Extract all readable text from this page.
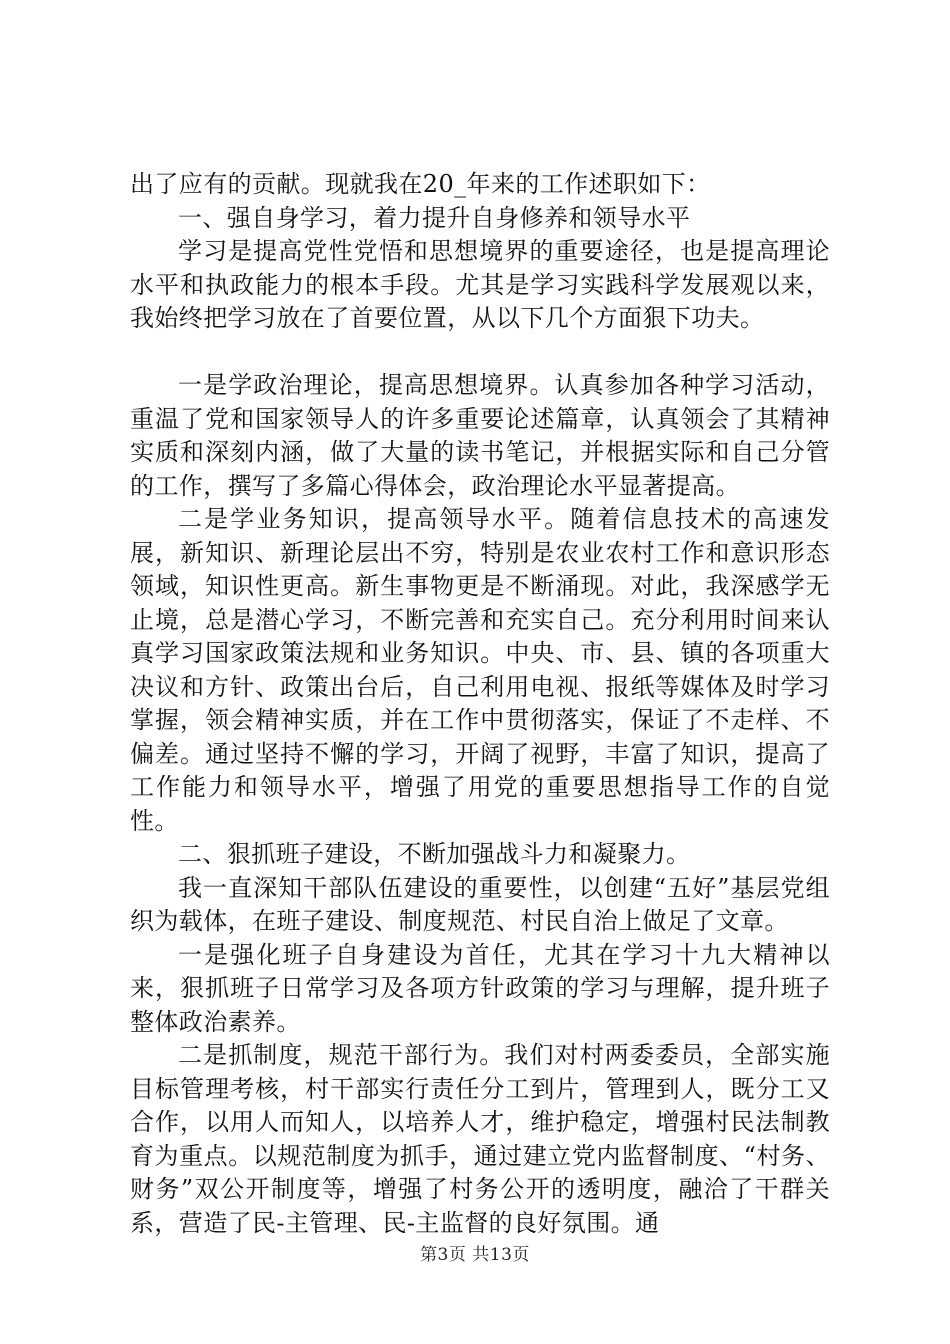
出了应有的贡献。现就我在20_年来的工作述职如下：

一、强自身学习，着力提升自身修养和领导水平

学习是提高党性党悟和思想境界的重要途径，也是提高理论水平和执政能力的根本手段。尤其是学习实践科学发展观以来，我始终把学习放在了首要位置，从以下几个方面狠下功夫。

一是学政治理论，提高思想境界。认真参加各种学习活动，重温了党和国家领导人的许多重要论述篇章，认真领会了其精神实质和深刻内涵，做了大量的读书笔记，并根据实际和自己分管的工作，撰写了多篇心得体会，政治理论水平显著提高。

二是学业务知识，提高领导水平。随着信息技术的高速发展，新知识、新理论层出不穷，特别是农业农村工作和意识形态领域，知识性更高。新生事物更是不断涌现。对此，我深感学无止境，总是潜心学习，不断完善和充实自己。充分利用时间来认真学习国家政策法规和业务知识。中央、市、县、镇的各项重大决议和方针、政策出台后，自己利用电视、报纸等媒体及时学习掌握，领会精神实质，并在工作中贯彻落实，保证了不走样、不偏差。通过坚持不懈的学习，开阔了视野，丰富了知识，提高了工作能力和领导水平，增强了用党的重要思想指导工作的自觉性。

二、狠抓班子建设，不断加强战斗力和凝聚力。

我一直深知干部队伍建设的重要性，以创建“五好”基层党组织为载体，在班子建设、制度规范、村民自治上做足了文章。

一是强化班子自身建设为首任，尤其在学习十九大精神以来，狠抓班子日常学习及各项方针政策的学习与理解，提升班子整体政治素养。

二是抓制度，规范干部行为。我们对村两委委员，全部实施目标管理考核，村干部实行责任分工到片，管理到人，既分工又合作，以用人而知人，以培养人才，维护稳定，增强村民法制教育为重点。以规范制度为抓手，通过建立党内监督制度、“村务、财务”双公开制度等，增强了村务公开的透明度，融洽了干群关系，营造了民-主管理、民-主监督的良好氛围。通

第3页 共13页
